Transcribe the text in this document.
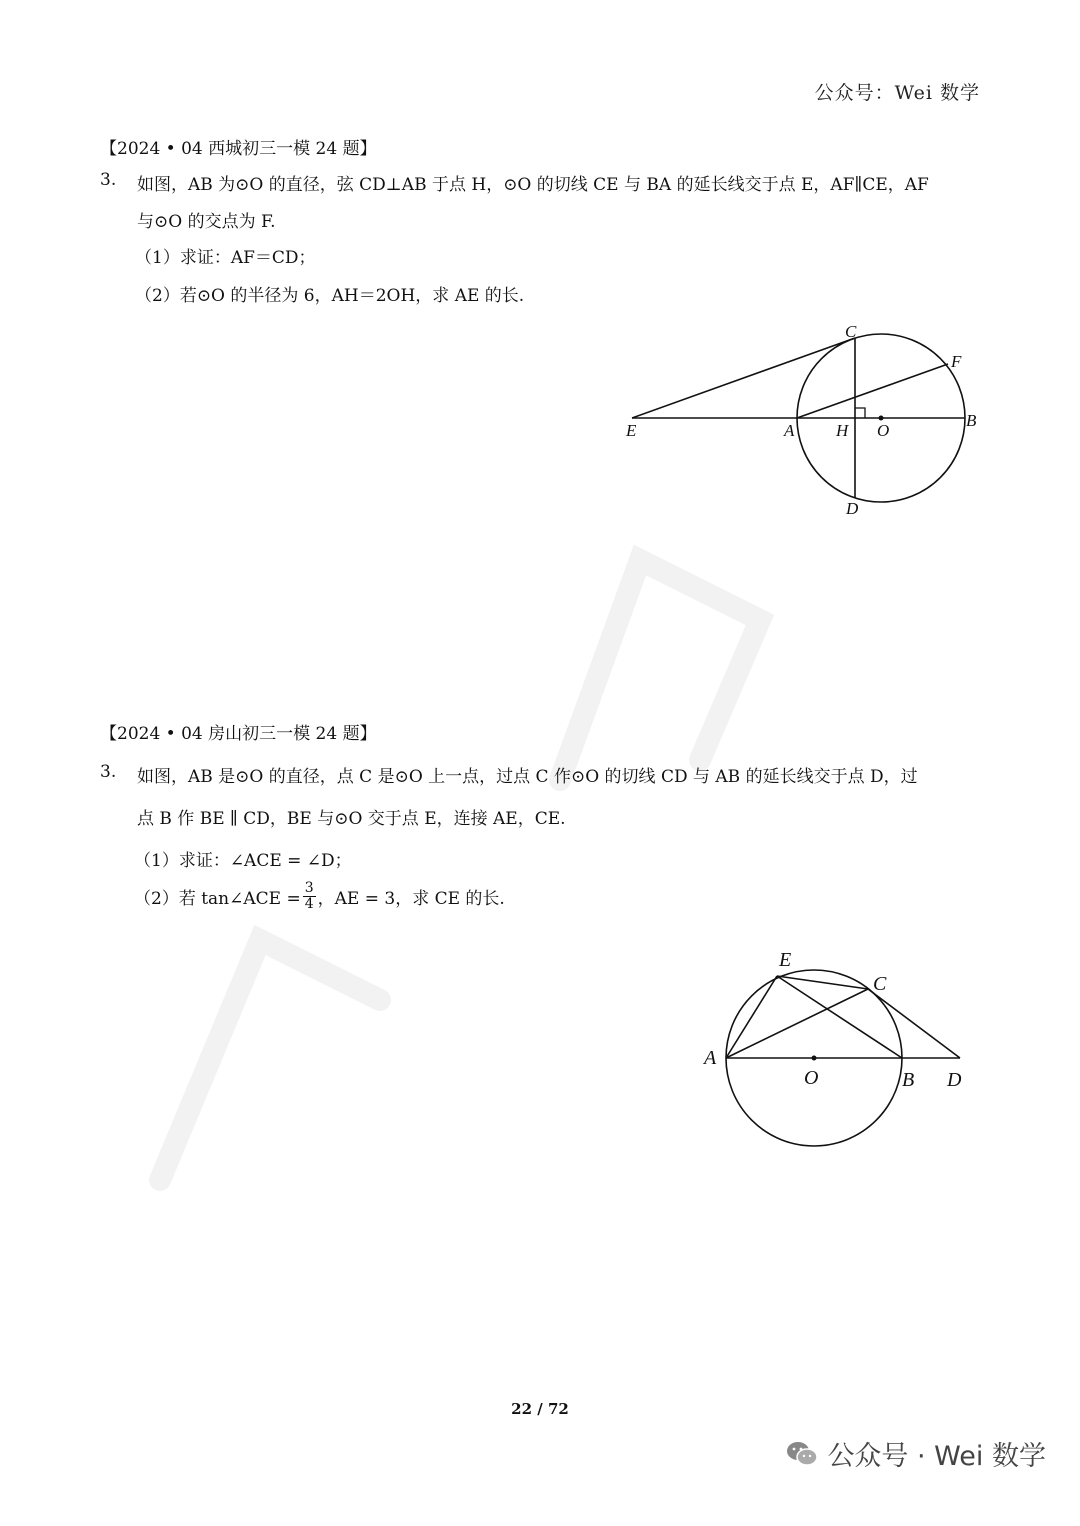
公众号：Wei 数学
【2024 • 04 西城初三一模 24 题】
3. 如图，AB 为⊙O 的直径，弦 CD⊥AB 于点 H，⊙O 的切线 CE 与 BA 的延长线交于点 E，AF∥CE，AF
与⊙O 的交点为 F.
（1）求证：AF＝CD；
（2）若⊙O 的半径为 6，AH＝2OH，求 AE 的长.
C
F
E	A H O
B
D
【2024 • 04 房山初三一模 24 题】
3. 如图，AB 是⊙O 的直径，点 C 是⊙O 上一点，过点 C 作⊙O 的切线 CD 与 AB 的延长线交于点 D，过
点 B 作 BE ∥ CD，BE 与⊙O 交于点 E，连接 AE，CE.
（1）求证：∠ACE = ∠D；
（2）若 tan∠ACE = $\frac{3}{4}$ ，AE = 3，求 CE 的长.
E
C
A
O	B D
22 / 72
公众号 · Wei 数学
